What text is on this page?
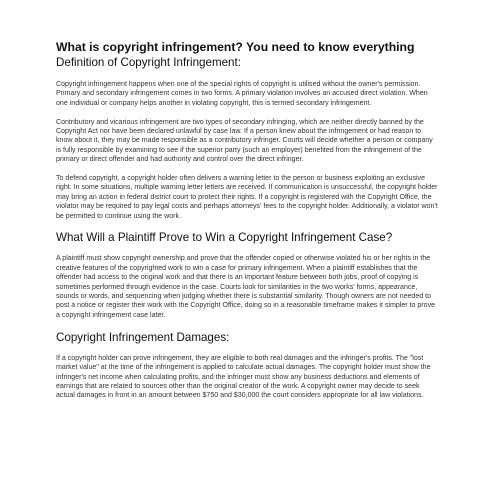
What is copyright infringement? You need to know everything
Definition of Copyright Infringement:

Copyright infringement happens when one of the special rights of copyright is utilised without the owner's permission. Primary and secondary infringement comes in two forms. A primary violation involves an accused direct violation. When one individual or company helps another in violating copyright, this is termed secondary infringement.

Contributory and vicarious infringement are two types of secondary infringing, which are neither directly banned by the Copyright Act nor have been declared unlawful by case law. If a person knew about the infringement or had reason to know about it, they may be made responsible as a contributory infringer. Courts will decide whether a person or company is fully responsible by examining to see if the superior party (such an employer) benefited from the infringement of the primary or direct offender and had authority and control over the direct infringer.

To defend copyright, a copyright holder often delivers a warning letter to the person or business exploiting an exclusive right. In some situations, multiple warning letter letters are received. If communication is unsuccessful, the copyright holder may bring an action in federal district court to protect their rights. If a copyright is registered with the Copyright Office, the violator may be required to pay legal costs and perhaps attorneys' fees to the copyright holder. Additionally, a violator won't be permitted to continue using the work.

What Will a Plaintiff Prove to Win a Copyright Infringement Case?

A plaintiff must show copyright ownership and prove that the offender copied or otherwise violated his or her rights in the creative features of the copyrighted work to win a case for primary infringement. When a plaintiff establishes that the offender had access to the original work and that there is an important feature between both jobs, proof of copying is sometimes performed through evidence in the case. Courts look for similarities in the two works' forms, appearance, sounds or words, and sequencing when judging whether there is substantial similarity. Though owners are not needed to post a notice or register their work with the Copyright Office, doing so in a reasonable timeframe makes it simpler to prove a copyright infringement case later.

Copyright Infringement Damages:

If a copyright holder can prove infringement, they are eligible to both real damages and the infringer's profits. The "lost market value" at the time of the infringement is applied to calculate actual damages. The copyright holder must show the infringer's net income when calculating profits, and the infringer must show any business deductions and elements of earnings that are related to sources other than the original creator of the work. A copyright owner may decide to seek actual damages in front in an amount between $750 and $30,000 the court considers appropriate for all law violations.
